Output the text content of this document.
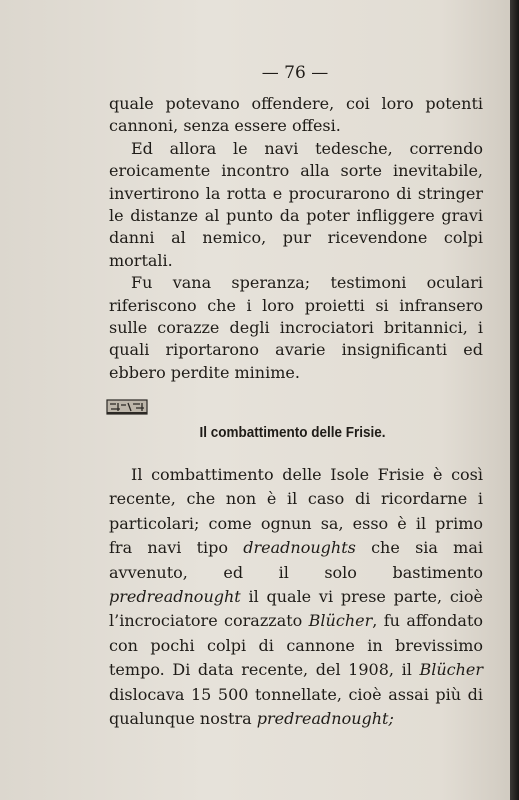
— 76 —

quale potevano offendere, coi loro potenti cannoni, senza essere offesi.

Ed allora le navi tedesche, correndo eroicamente incontro alla sorte inevitabile, invertirono la rotta e procurarono di stringer le distanze al punto da poter infliggere gravi danni al nemico, pur ricevendone colpi mortali.

Fu vana speranza; testimoni oculari riferiscono che i loro proietti si infransero sulle corazze degli incrociatori britannici, i quali riportarono avarie insignificanti ed ebbero perdite minime.

Il combattimento delle Frisie.

Il combattimento delle Isole Frisie è così recente, che non è il caso di ricordarne i particolari; come ognun sa, esso è il primo fra navi tipo dreadnoughts che sia mai avvenuto, ed il solo bastimento predreadnought il quale vi prese parte, cioè l’incrociatore corazzato Blücher, fu affondato con pochi colpi di cannone in brevissimo tempo. Di data recente, del 1908, il Blücher dislocava 15 500 tonnellate, cioè assai più di qualunque nostra predreadnought;
